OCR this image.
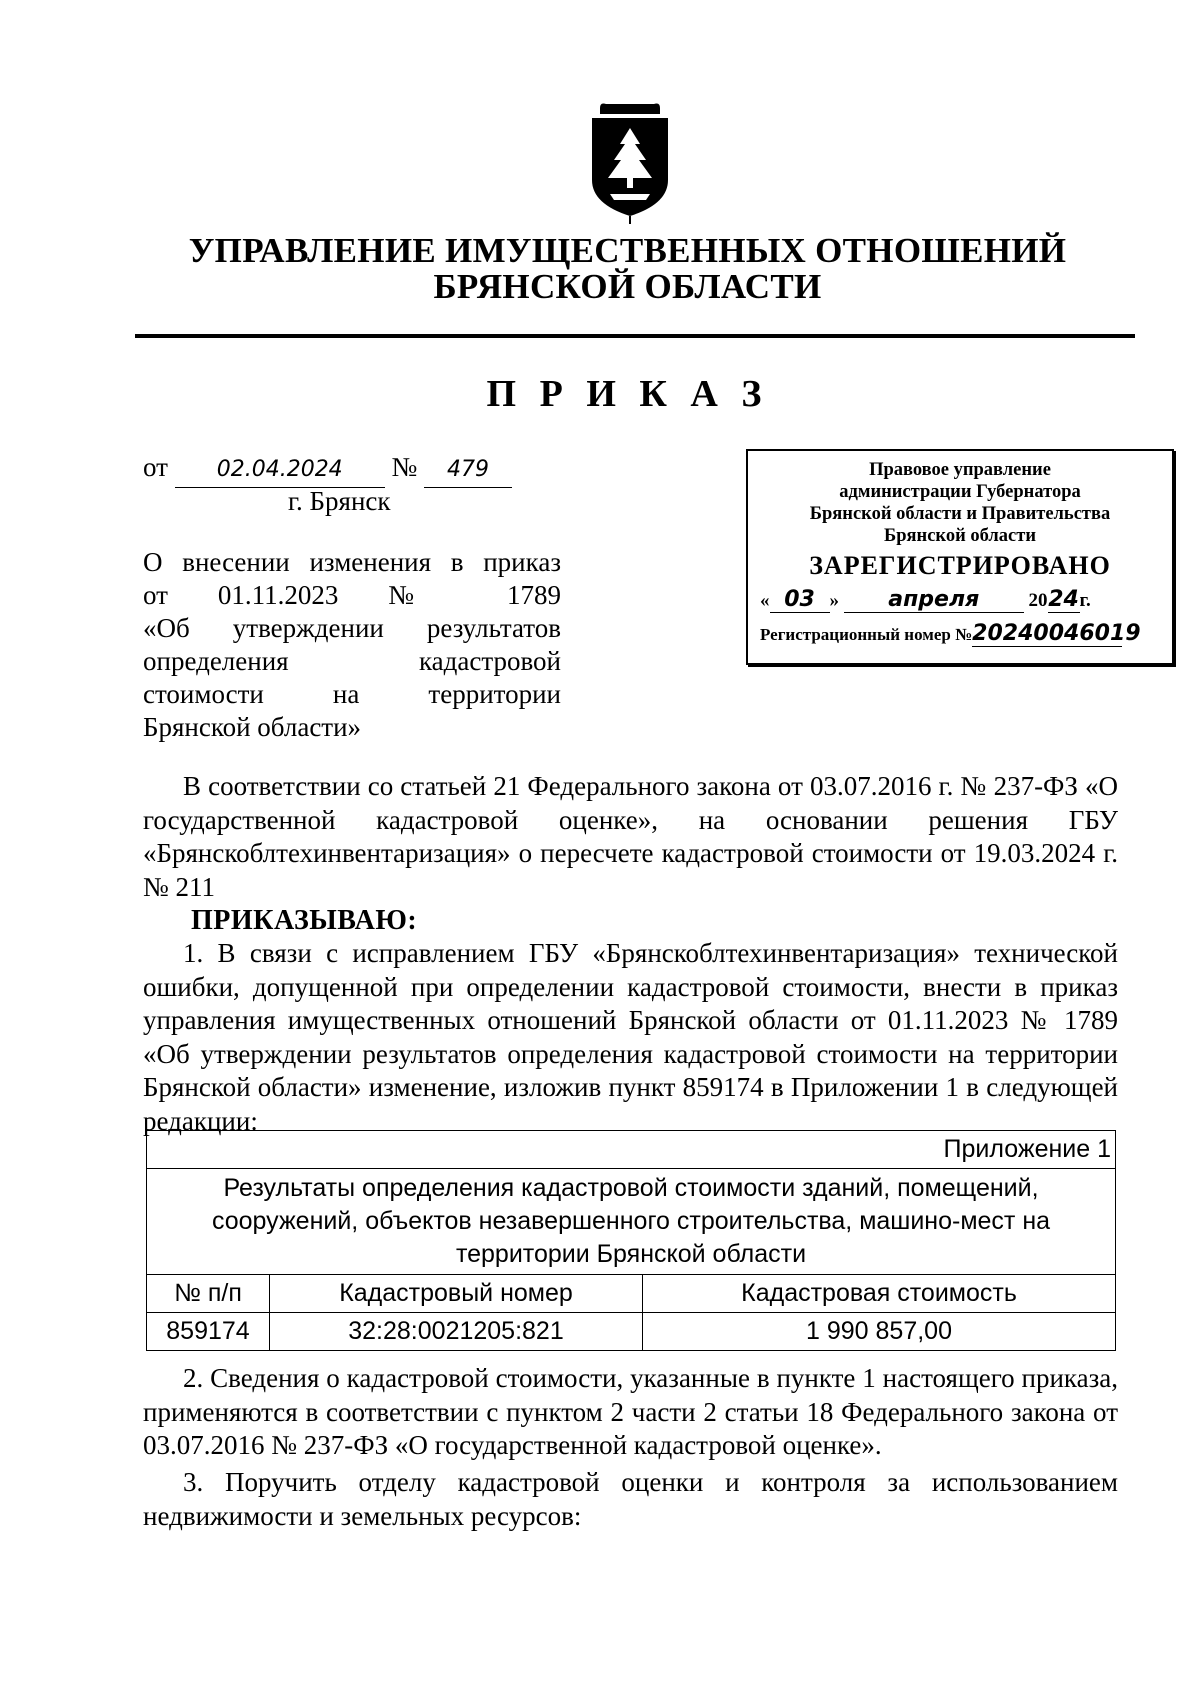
УПРАВЛЕНИЕ ИМУЩЕСТВЕННЫХ ОТНОШЕНИЙ
БРЯНСКОЙ ОБЛАСТИ
П Р И К А З
от 02.04.2024 № 479
г. Брянск
О внесении изменения в приказ
от 01.11.2023 № 1789
«Об утверждении результатов
определения кадастровой
стоимости на территории
Брянской области»
Правовое управление
администрации Губернатора
Брянской области и Правительства
Брянской области
ЗАРЕГИСТРИРОВАНО
« 03 » апреля	2024г.
Регистрационный номер №20240046019

В соответствии со статьей 21 Федерального закона от 03.07.2016 г. № 237-ФЗ «О государственной кадастровой оценке», на основании решения ГБУ «Брянскоблтехинвентаризация» о пересчете кадастровой стоимости от 19.03.2024 г. № 211

ПРИКАЗЫВАЮ:

1. В связи с исправлением ГБУ «Брянскоблтехинвентаризация» технической ошибки, допущенной при определении кадастровой стоимости, внести в приказ управления имущественных отношений Брянской области от 01.11.2023 № 1789 «Об утверждении результатов определения кадастровой стоимости на территории Брянской области» изменение, изложив пункт 859174 в Приложении 1 в следующей редакции:

Приложение 1		
Результаты определения кадастровой стоимости зданий, помещений, сооружений, объектов незавершенного строительства, машино-мест на территории Брянской области		
№ п/п	Кадастровый номер	Кадастровая стоимость
859174	32:28:0021205:821	1 990 857,00

2. Сведения о кадастровой стоимости, указанные в пункте 1 настоящего приказа, применяются в соответствии с пунктом 2 части 2 статьи 18 Федерального закона от 03.07.2016 № 237-ФЗ «О государственной кадастровой оценке».

3. Поручить отделу кадастровой оценки и контроля за использованием недвижимости и земельных ресурсов:
